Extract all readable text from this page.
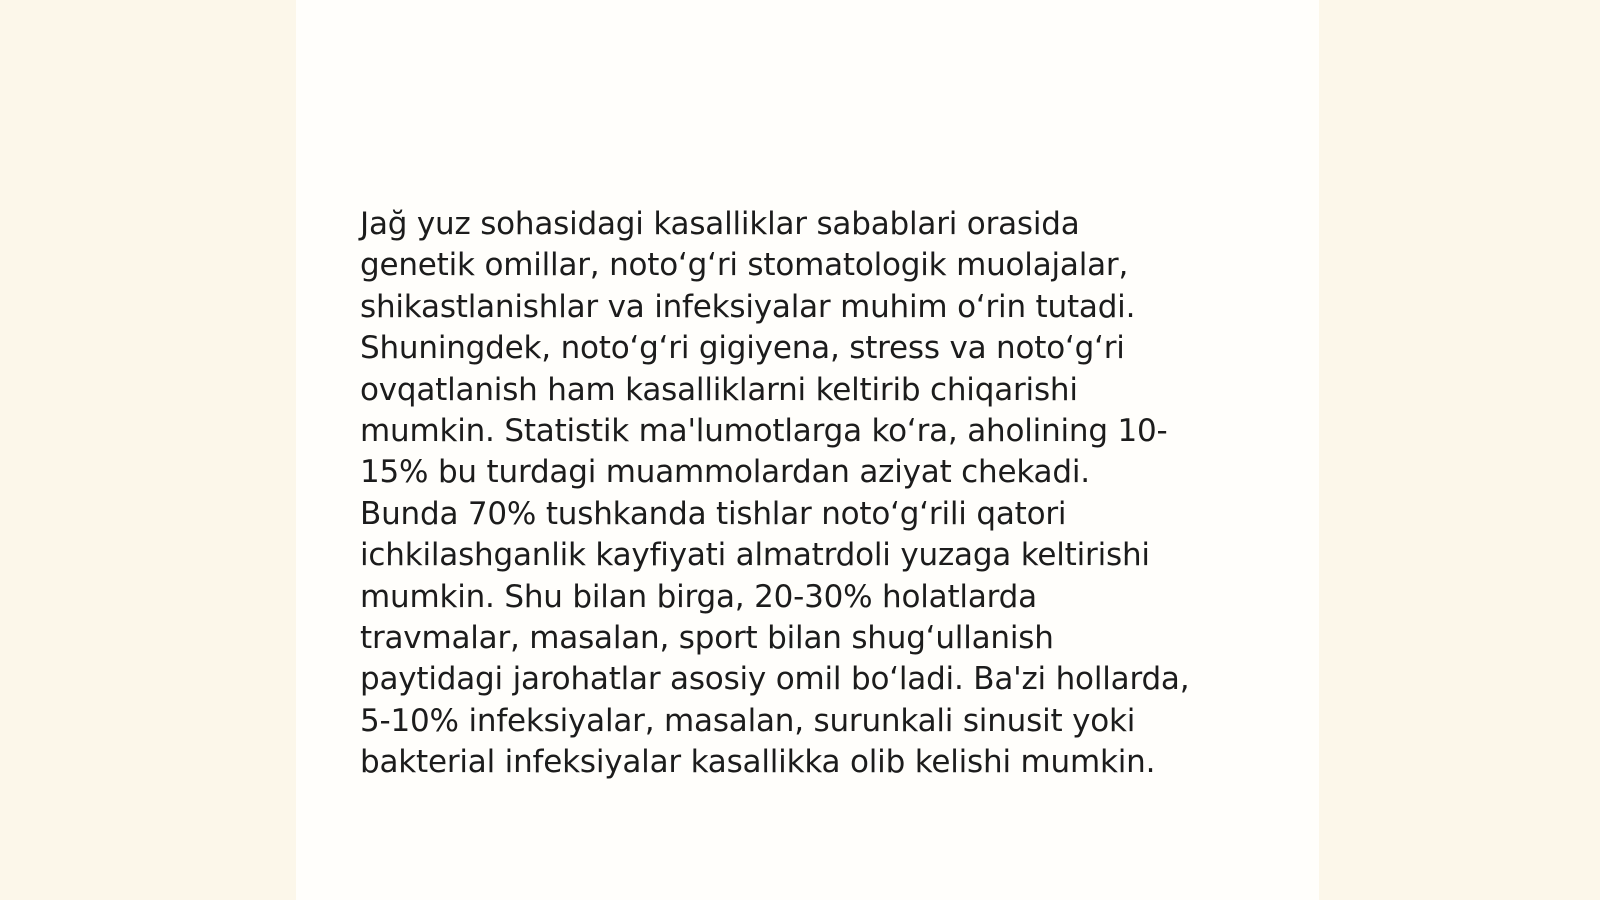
Jağ yuz sohasidagi kasalliklar sabablari orasida
genetik omillar, noto‘g‘ri stomatologik muolajalar,
shikastlanishlar va infeksiyalar muhim o‘rin tutadi.
Shuningdek, noto‘g‘ri gigiyena, stress va noto‘g‘ri
ovqatlanish ham kasalliklarni keltirib chiqarishi
mumkin. Statistik ma'lumotlarga ko‘ra, aholining 10-
15% bu turdagi muammolardan aziyat chekadi.
Bunda 70% tushkanda tishlar noto‘g‘rili qatori
ichkilashganlik kayfiyati almatrdoli yuzaga keltirishi
mumkin. Shu bilan birga, 20-30% holatlarda
travmalar, masalan, sport bilan shug‘ullanish
paytidagi jarohatlar asosiy omil bo‘ladi. Ba'zi hollarda,
5-10% infeksiyalar, masalan, surunkali sinusit yoki
bakterial infeksiyalar kasallikka olib kelishi mumkin.
